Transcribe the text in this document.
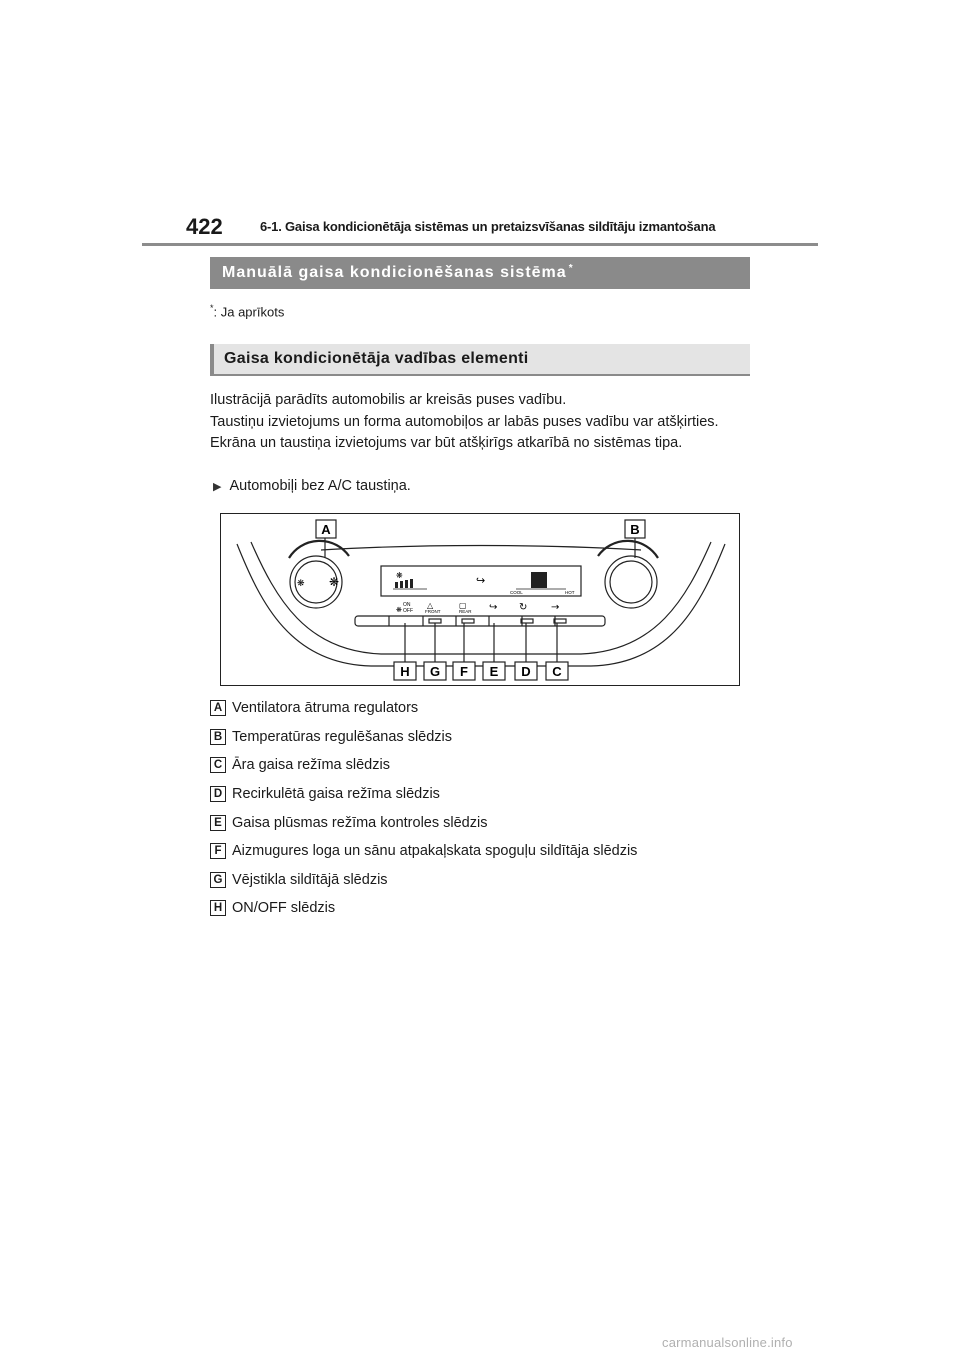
422	6-1. Gaisa kondicionētāja sistēmas un pretaizsvīšanas sildītāju izmantošana
Manuālā gaisa kondicionēšanas sistēma *
*: Ja aprīkots
Gaisa kondicionētāja vadības elementi

Ilustrācijā parādīts automobilis ar kreisās puses vadību.

Taustiņu izvietojums un forma automobiļos ar labās puses vadību var atšķirties.

Ekrāna un taustiņa izvietojums var būt atšķirīgs atkarībā no sistēmas tipa.

▶ Automobiļi bez A/C taustiņa.
❋ ❋	❋	↪
❋	△	▢ ↪ ↻ →
COOL	HOT
ON
OFF	FRONT	REAR
A	B
H G F E D C
A Ventilatora ātruma regulators
B Temperatūras regulēšanas slēdzis
C Āra gaisa režīma slēdzis
D Recirkulētā gaisa režīma slēdzis
E Gaisa plūsmas režīma kontroles slēdzis
F Aizmugures loga un sānu atpakaļskata spoguļu sildītāja slēdzis
G Vējstikla sildītājā slēdzis
H ON/OFF slēdzis
carmanualsonline.info
